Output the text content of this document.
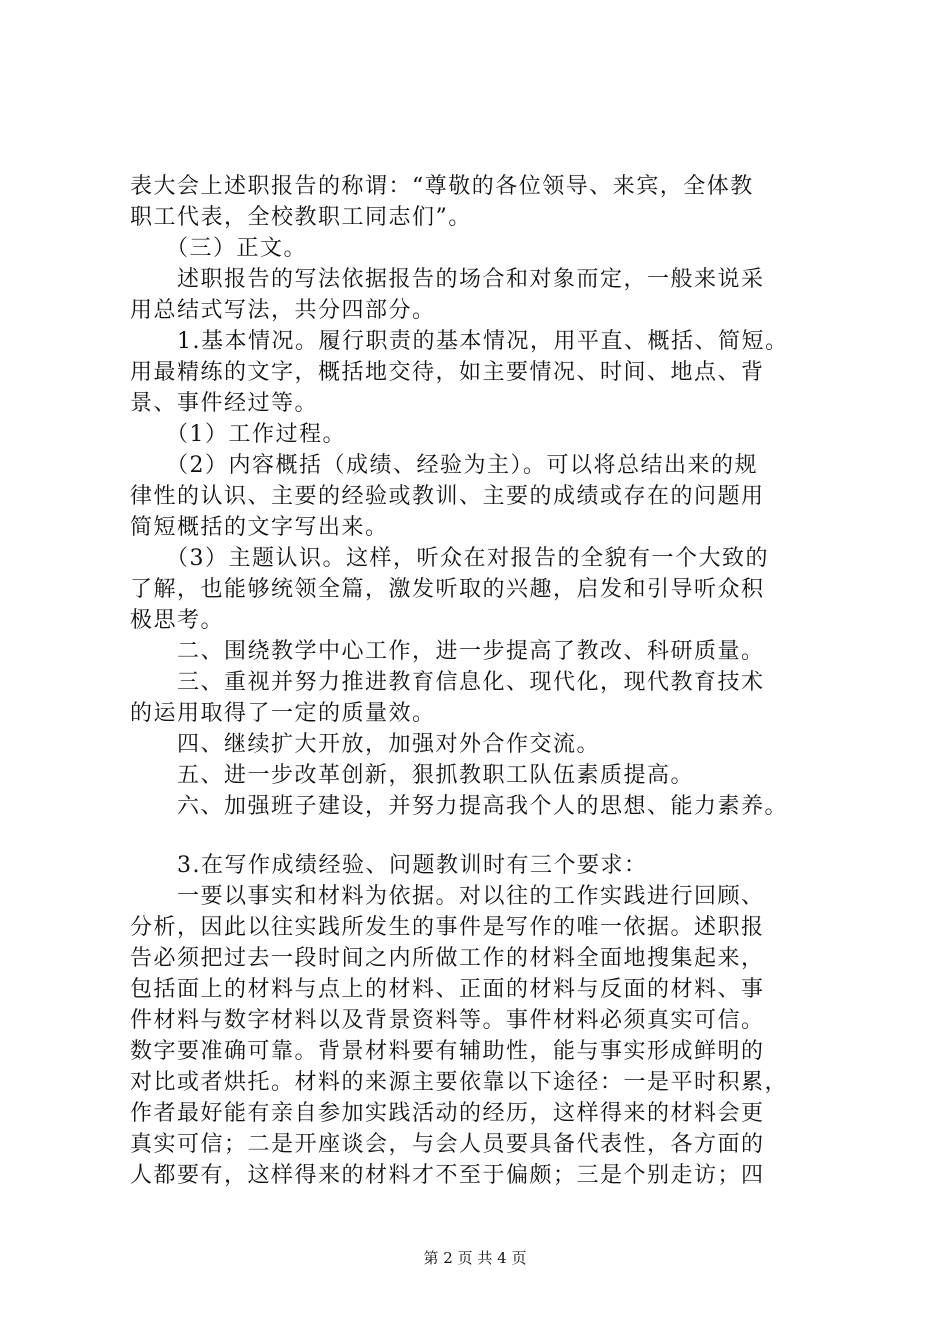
表大会上述职报告的称谓：“尊敬的各位领导、来宾，全体教
职工代表，全校教职工同志们”。
　　（三）正文。
　　述职报告的写法依据报告的场合和对象而定，一般来说采
用总结式写法，共分四部分。
　　1.基本情况。履行职责的基本情况，用平直、概括、简短。
用最精练的文字，概括地交待，如主要情况、时间、地点、背
景、事件经过等。
　　（1）工作过程。
　　（2）内容概括（成绩、经验为主）。可以将总结出来的规
律性的认识、主要的经验或教训、主要的成绩或存在的问题用
简短概括的文字写出来。
　　（3）主题认识。这样，听众在对报告的全貌有一个大致的
了解，也能够统领全篇，激发听取的兴趣，启发和引导听众积
极思考。
　　二、围绕教学中心工作，进一步提高了教改、科研质量。
　　三、重视并努力推进教育信息化、现代化，现代教育技术
的运用取得了一定的质量效。
　　四、继续扩大开放，加强对外合作交流。
　　五、进一步改革创新，狠抓教职工队伍素质提高。
　　六、加强班子建设，并努力提高我个人的思想、能力素养。
　　3.在写作成绩经验、问题教训时有三个要求：
　　一要以事实和材料为依据。对以往的工作实践进行回顾、
分析，因此以往实践所发生的事件是写作的唯一依据。述职报
告必须把过去一段时间之内所做工作的材料全面地搜集起来，
包括面上的材料与点上的材料、正面的材料与反面的材料、事
件材料与数字材料以及背景资料等。事件材料必须真实可信。
数字要准确可靠。背景材料要有辅助性，能与事实形成鲜明的
对比或者烘托。材料的来源主要依靠以下途径：一是平时积累，
作者最好能有亲自参加实践活动的经历，这样得来的材料会更
真实可信；二是开座谈会，与会人员要具备代表性，各方面的
人都要有，这样得来的材料才不至于偏颇；三是个别走访；四
第 2 页 共 4 页
